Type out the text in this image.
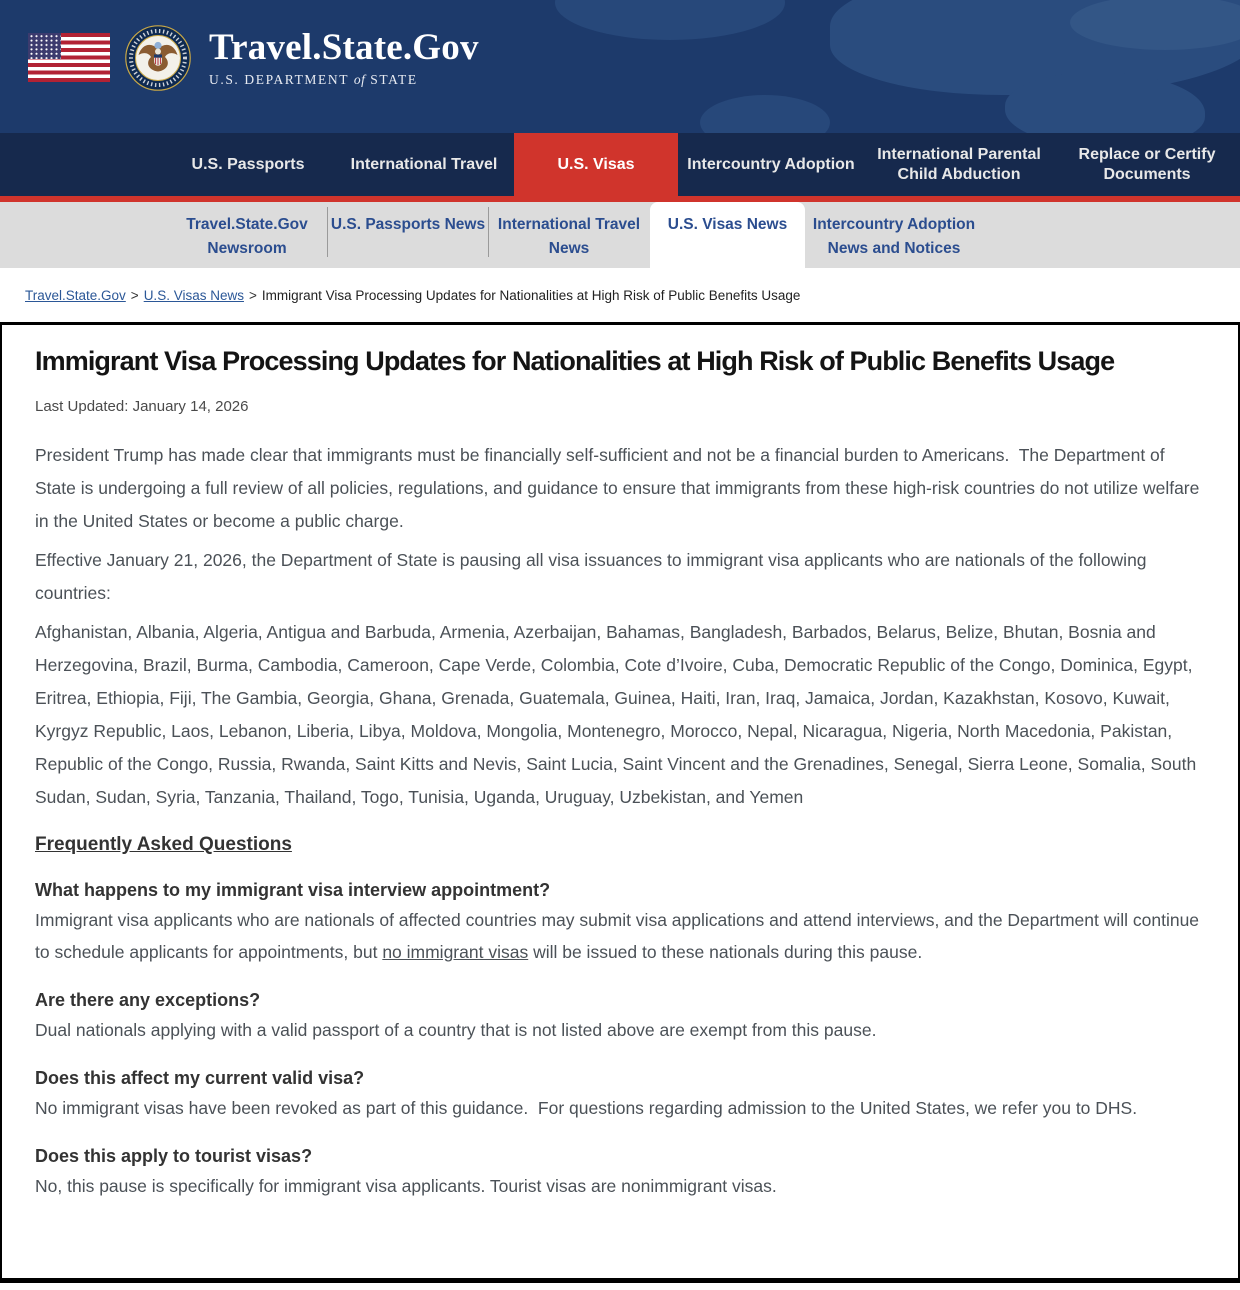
Travel.State.Gov
U.S. DEPARTMENT of STATE
U.S. Passports	International Travel	U.S. Visas	Intercountry Adoption
International Parental Child Abduction
Replace or Certify Documents
Travel.State.Gov Newsroom
U.S. Passports News International Travel News
U.S. Visas News	Intercountry Adoption News and Notices
Travel.State.Gov > U.S. Visas News > Immigrant Visa Processing Updates for Nationalities at High Risk of Public Benefits Usage
Immigrant Visa Processing Updates for Nationalities at High Risk of Public Benefits Usage
Last Updated: January 14, 2026

President Trump has made clear that immigrants must be financially self-sufficient and not be a financial burden to Americans.  The Department of State is undergoing a full review of all policies, regulations, and guidance to ensure that immigrants from these high-risk countries do not utilize welfare in the United States or become a public charge.

Effective January 21, 2026, the Department of State is pausing all visa issuances to immigrant visa applicants who are nationals of the following countries:

Afghanistan, Albania, Algeria, Antigua and Barbuda, Armenia, Azerbaijan, Bahamas, Bangladesh, Barbados, Belarus, Belize, Bhutan, Bosnia and Herzegovina, Brazil, Burma, Cambodia, Cameroon, Cape Verde, Colombia, Cote d’Ivoire, Cuba, Democratic Republic of the Congo, Dominica, Egypt, Eritrea, Ethiopia, Fiji, The Gambia, Georgia, Ghana, Grenada, Guatemala, Guinea, Haiti, Iran, Iraq, Jamaica, Jordan, Kazakhstan, Kosovo, Kuwait, Kyrgyz Republic, Laos, Lebanon, Liberia, Libya, Moldova, Mongolia, Montenegro, Morocco, Nepal, Nicaragua, Nigeria, North Macedonia, Pakistan, Republic of the Congo, Russia, Rwanda, Saint Kitts and Nevis, Saint Lucia, Saint Vincent and the Grenadines, Senegal, Sierra Leone, Somalia, South Sudan, Sudan, Syria, Tanzania, Thailand, Togo, Tunisia, Uganda, Uruguay, Uzbekistan, and Yemen

Frequently Asked Questions
What happens to my immigrant visa interview appointment?
Immigrant visa applicants who are nationals of affected countries may submit visa applications and attend interviews, and the Department will continue to schedule applicants for appointments, but no immigrant visas will be issued to these nationals during this pause.
Are there any exceptions?
Dual nationals applying with a valid passport of a country that is not listed above are exempt from this pause.
Does this affect my current valid visa?
No immigrant visas have been revoked as part of this guidance.  For questions regarding admission to the United States, we refer you to DHS.
Does this apply to tourist visas?
No, this pause is specifically for immigrant visa applicants. Tourist visas are nonimmigrant visas.
